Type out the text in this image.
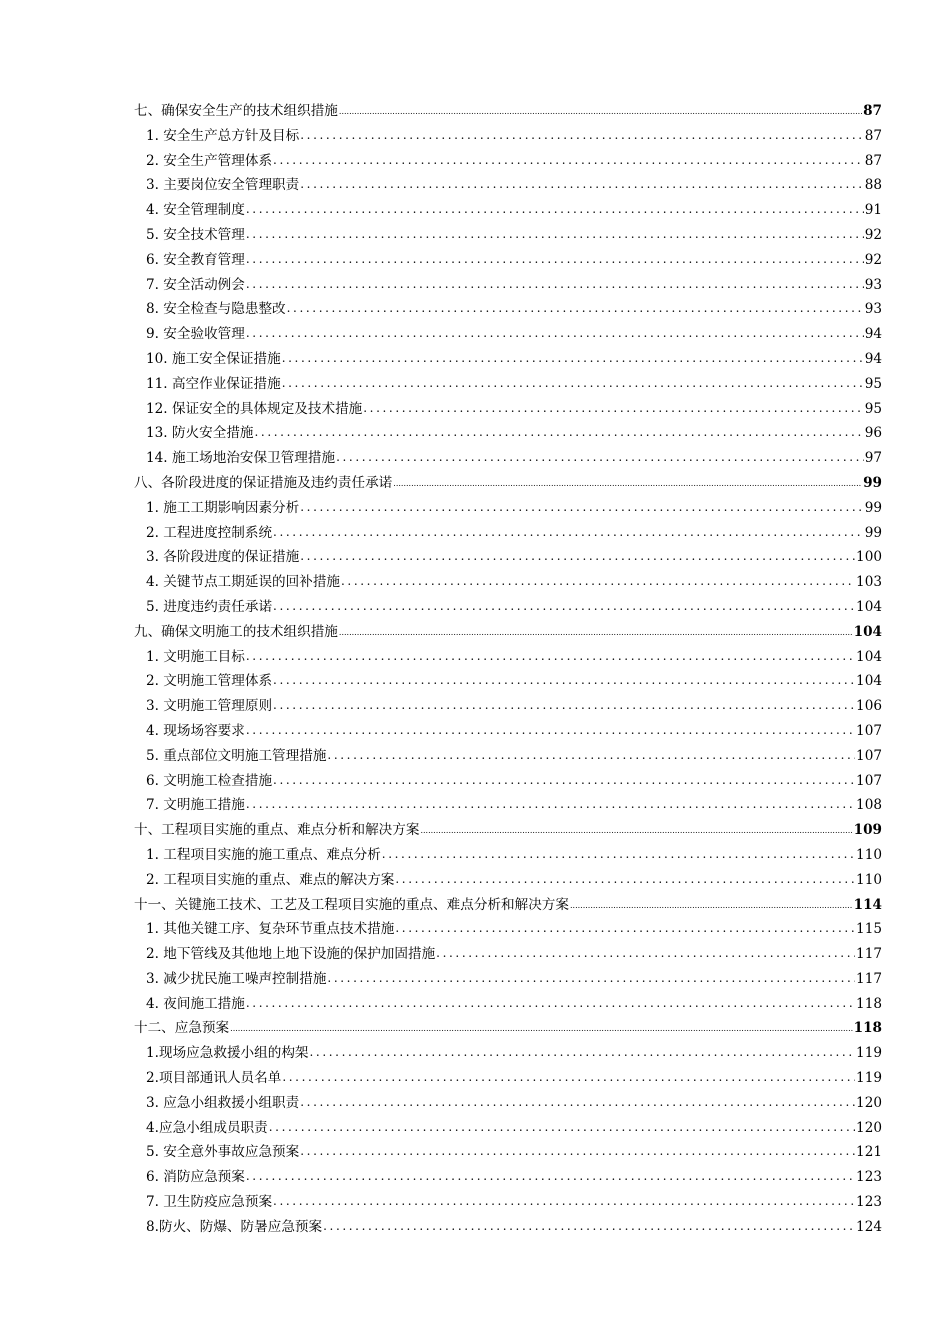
七、确保安全生产的技术组织措施 .....	87
1. 安全生产总方针及目标 .....	87
2. 安全生产管理体系 .....	87
3. 主要岗位安全管理职责 .....	88
4. 安全管理制度 .....	91
5. 安全技术管理 .....	92
6. 安全教育管理 .....	92
7. 安全活动例会 .....	93
8. 安全检查与隐患整改 .....	93
9. 安全验收管理 .....	94
10. 施工安全保证措施 .....	94
11. 高空作业保证措施 .....	95
12. 保证安全的具体规定及技术措施 .....	95
13. 防火安全措施 .....	96
14. 施工场地治安保卫管理措施 .....	97
八、各阶段进度的保证措施及违约责任承诺 .....	99
1. 施工工期影响因素分析 .....	99
2. 工程进度控制系统 .....	99
3. 各阶段进度的保证措施 .....	100
4. 关键节点工期延误的回补措施 .....	103
5. 进度违约责任承诺 .....	104
九、确保文明施工的技术组织措施 .....	104
1. 文明施工目标 .....	104
2. 文明施工管理体系 .....	104
3. 文明施工管理原则 .....	106
4. 现场场容要求 .....	107
5. 重点部位文明施工管理措施 .....	107
6. 文明施工检查措施 .....	107
7. 文明施工措施 .....	108
十、工程项目实施的重点、难点分析和解决方案 .....	109
1. 工程项目实施的施工重点、难点分析 .....	110
2. 工程项目实施的重点、难点的解决方案 .....	110
十一、关键施工技术、工艺及工程项目实施的重点、难点分析和解决方案 .....	114
1. 其他关键工序、复杂环节重点技术措施 .....	115
2. 地下管线及其他地上地下设施的保护加固措施 .....	117
3. 减少扰民施工噪声控制措施 .....	117
4. 夜间施工措施 .....	118
十二、应急预案 .....	118
1.现场应急救援小组的构架 .....	119
2.项目部通讯人员名单 .....	119
3. 应急小组救援小组职责 .....	120
4.应急小组成员职责 .....	120
5. 安全意外事故应急预案 .....	121
6. 消防应急预案 .....	123
7. 卫生防疫应急预案 .....	123
8.防火、防爆、防暑应急预案 .....	124
